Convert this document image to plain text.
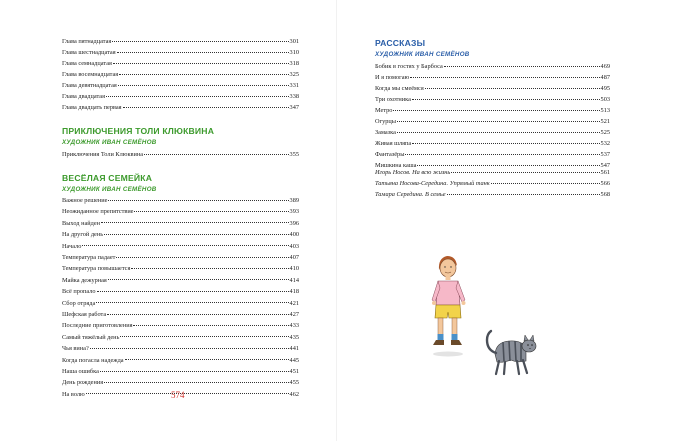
Глава пятнадцатая	301
Глава шестнадцатая	310
Глава семнадцатая	318
Глава восемнадцатая	325
Глава девятнадцатая	331
Глава двадцатая	338
Глава двадцать первая	347
ПРИКЛЮЧЕНИЯ ТОЛИ КЛЮКВИНА
ХУДОЖНИК ИВАН СЕМЁНОВ
Приключения Толи Клюквина	355
ВЕСЁЛАЯ СЕМЕЙКА
ХУДОЖНИК ИВАН СЕМЁНОВ
Важное решение	389
Неожиданное препятствие	393
Выход найден	396
На другой день	400
Начало	403
Температура падает	407
Температура повышается	410
Майка дежурная	414
Всё пропало	418
Сбор отряда	421
Шефская работа	427
Последние приготовления	433
Самый тяжёлый день	435
Чья вина?	441
Когда погасла надежда	445
Наша ошибка	451
День рождения	455
На волю	462
574
РАССКАЗЫ
ХУДОЖНИК ИВАН СЕМЁНОВ
Бобик в гостях у Барбоса	469
И я помогаю	487
Когда мы смеёмся	495
Три охотника	503
Метро	513
Огурцы	521
Замазка	525
Живая шляпа	532
Фантазёры	537
Мишкина каша	547
Игорь Носов. На всю жизнь	561
Татьяна Носова-Середина. Упрямый танк	566
Тамара Середина. В семье	568
